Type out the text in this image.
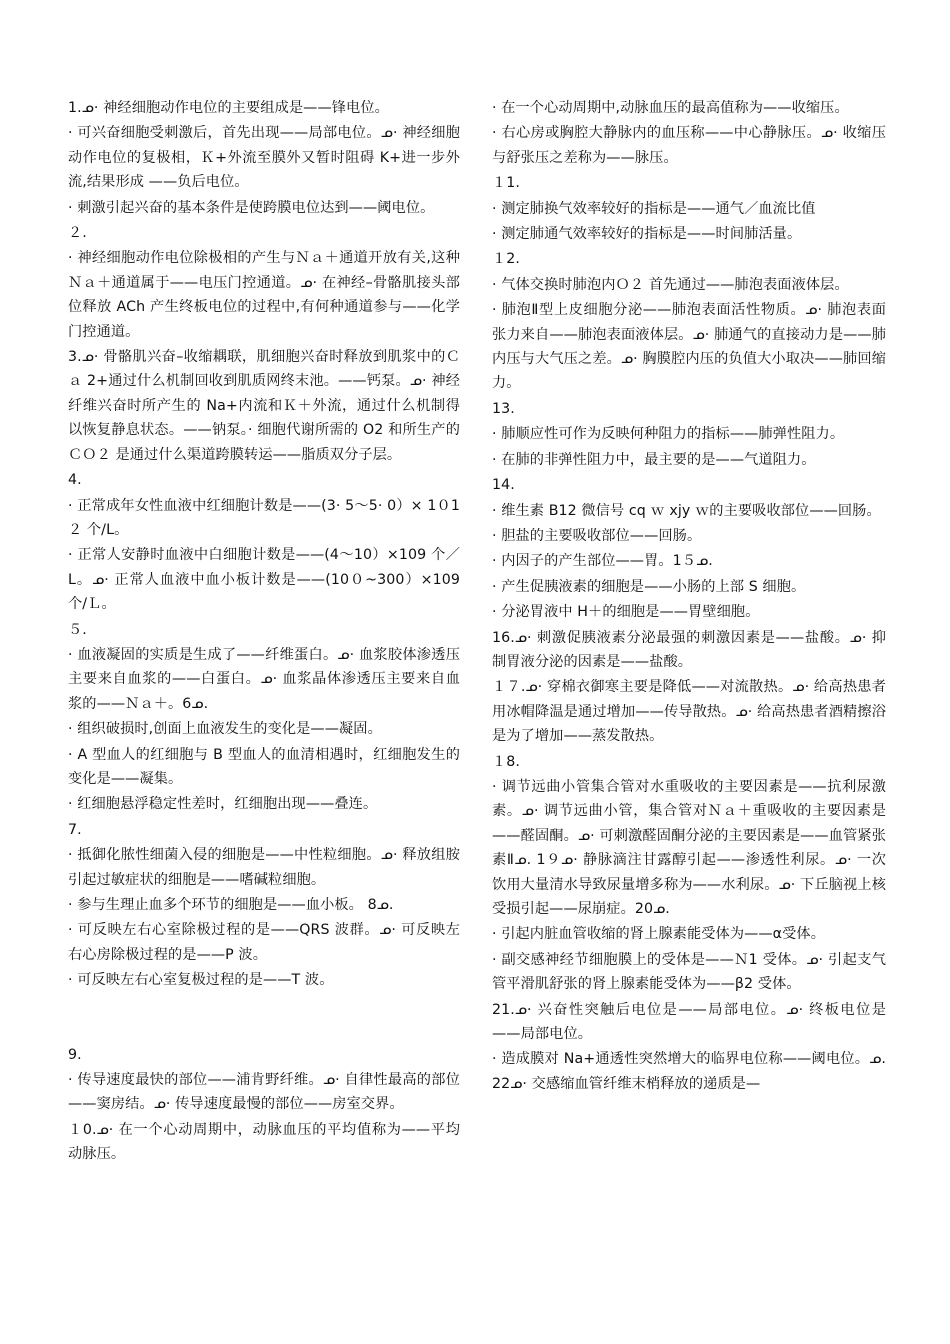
1.ᓄ· 神经细胞动作电位的主要组成是——锋电位。

· 可兴奋细胞受刺激后，首先出现——局部电位。ᓄ· 神经细胞动作电位的复极相，Ｋ+外流至膜外又暂时阻碍 K+进一步外流,结果形成 ——负后电位。

· 刺激引起兴奋的基本条件是使跨膜电位达到——阈电位。

２.

· 神经细胞动作电位除极相的产生与Ｎａ＋通道开放有关,这种Ｎａ＋通道属于——电压门控通道。ᓄ· 在神经–骨骼肌接头部位释放 ACh 产生终板电位的过程中,有何种通道参与——化学门控通道。

3.ᓄ· 骨骼肌兴奋–收缩耦联，肌细胞兴奋时释放到肌浆中的Ｃａ 2+通过什么机制回收到肌质网终末池。——钙泵。ᓄ· 神经纤维兴奋时所产生的 Na+内流和Ｋ＋外流，通过什么机制得以恢复静息状态。——钠泵。· 细胞代谢所需的 O2 和所生产的ＣＯ２ 是通过什么渠道跨膜转运——脂质双分子层。

4.

· 正常成年女性血液中红细胞计数是——(3· 5～5· 0）× 1０1２ 个/L。

· 正常人安静时血液中白细胞计数是——(4～10）×109 个／L。ᓄ· 正常人血液中血小板计数是——(10０~300）×109 个/Ｌ。

５.

· 血液凝固的实质是生成了——纤维蛋白。ᓄ· 血浆胶体渗透压主要来自血浆的——白蛋白。ᓄ· 血浆晶体渗透压主要来自血浆的——Ｎａ＋。6ᓄ.

· 组织破损时,创面上血液发生的变化是——凝固。

· A 型血人的红细胞与 B 型血人的血清相遇时，红细胞发生的变化是——凝集。

· 红细胞悬浮稳定性差时，红细胞出现——叠连。

7.

· 抵御化脓性细菌入侵的细胞是——中性粒细胞。ᓄ· 释放组胺引起过敏症状的细胞是——嗜碱粒细胞。

· 参与生理止血多个环节的细胞是——血小板。 8ᓄ.

· 可反映左右心室除极过程的是——QRS 波群。ᓄ· 可反映左右心房除极过程的是——P 波。

· 可反映左右心室复极过程的是——T 波。

9.

· 传导速度最快的部位——浦肯野纤维。ᓄ· 自律性最高的部位——窦房结。ᓄ· 传导速度最慢的部位——房室交界。

１0.ᓄ· 在一个心动周期中，动脉血压的平均值称为——平均动脉压。

· 在一个心动周期中,动脉血压的最高值称为——收缩压。

· 右心房或胸腔大静脉内的血压称——中心静脉压。ᓄ· 收缩压与舒张压之差称为——脉压。

１1.

· 测定肺换气效率较好的指标是——通气／血流比值

· 测定肺通气效率较好的指标是——时间肺活量。

１2.

· 气体交换时肺泡内Ｏ２ 首先通过——肺泡表面液体层。

· 肺泡Ⅱ型上皮细胞分泌——肺泡表面活性物质。ᓄ· 肺泡表面张力来自——肺泡表面液体层。ᓄ· 肺通气的直接动力是——肺内压与大气压之差。ᓄ· 胸膜腔内压的负值大小取决——肺回缩力。

13.

· 肺顺应性可作为反映何种阻力的指标——肺弹性阻力。

· 在肺的非弹性阻力中，最主要的是——气道阻力。

14.

· 维生素 B12 微信号 cq ｗ xjy ｗ的主要吸收部位——回肠。

· 胆盐的主要吸收部位——回肠。

· 内因子的产生部位——胃。1５ᓄ.

· 产生促胰液素的细胞是——小肠的上部 S 细胞。

· 分泌胃液中 H＋的细胞是——胃壁细胞。

16.ᓄ· 刺激促胰液素分泌最强的刺激因素是——盐酸。ᓄ· 抑制胃液分泌的因素是——盐酸。

１７.ᓄ· 穿棉衣御寒主要是降低——对流散热。ᓄ· 给高热患者用冰帽降温是通过增加——传导散热。ᓄ· 给高热患者酒精擦浴是为了增加——蒸发散热。

１8.

· 调节远曲小管集合管对水重吸收的主要因素是——抗利尿激素。ᓄ· 调节远曲小管，集合管对Ｎａ＋重吸收的主要因素是——醛固酮。ᓄ· 可刺激醛固酮分泌的主要因素是——血管紧张素Ⅱᓄ. 1９ᓄ· 静脉滴注甘露醇引起——渗透性利尿。ᓄ· 一次饮用大量清水导致尿量增多称为——水利尿。ᓄ· 下丘脑视上核受损引起——尿崩症。20ᓄ.

· 引起内脏血管收缩的肾上腺素能受体为——α受体。

· 副交感神经节细胞膜上的受体是——Ｎ1 受体。ᓄ· 引起支气管平滑肌舒张的肾上腺素能受体为——β2 受体。

21.ᓄ· 兴奋性突触后电位是——局部电位。ᓄ· 终板电位是——局部电位。

· 造成膜对 Na+通透性突然增大的临界电位称——阈电位。ᓄ. 22ᓄ· 交感缩血管纤维末梢释放的递质是—
